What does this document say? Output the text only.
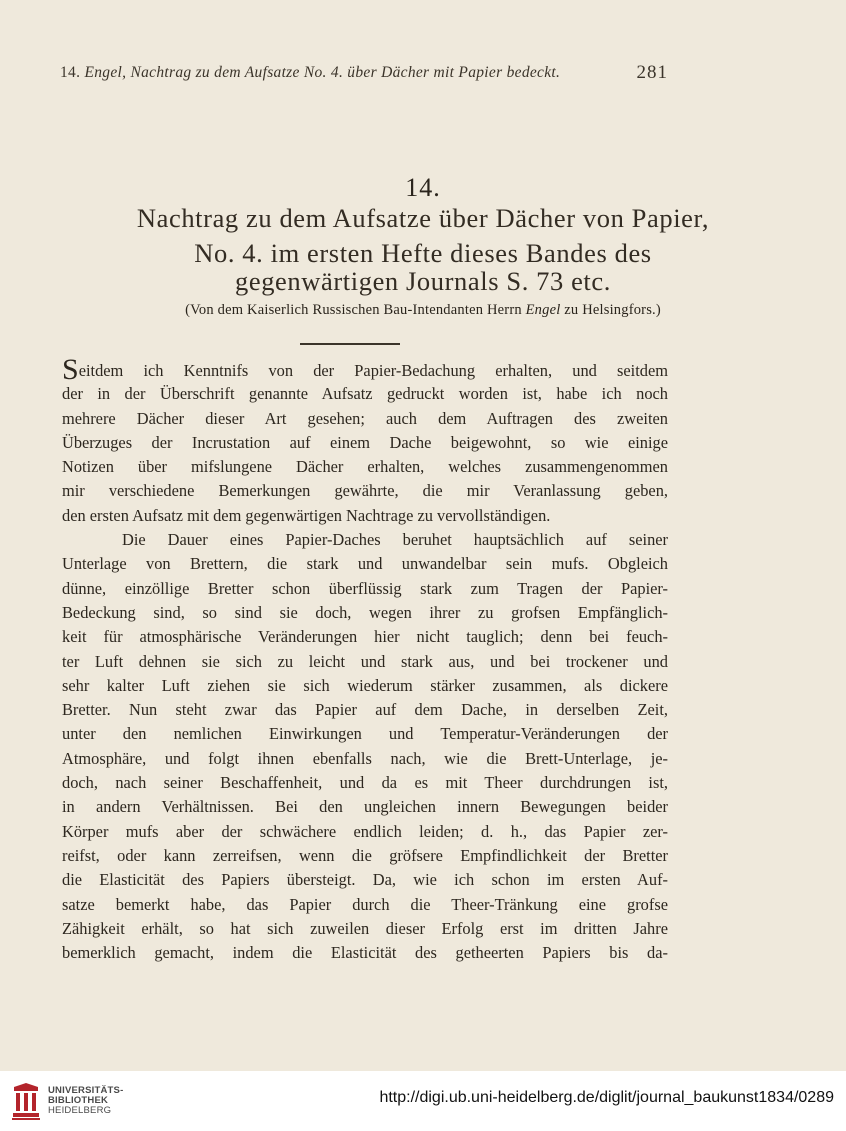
14. Engel, Nachtrag zu dem Aufsatze No. 4. über Dächer mit Papier bedeckt.	281
14.
Nachtrag zu dem Aufsatze über Dächer von Papier,
No. 4. im ersten Hefte dieses Bandes des
gegenwärtigen Journals S. 73 etc.
(Von dem Kaiserlich Russischen Bau-Intendanten Herrn Engel zu Helsingfors.)
Seitdem ich Kenntnifs von der Papier-Bedachung erhalten, und seitdem
der in der Überschrift genannte Aufsatz gedruckt worden ist, habe ich noch
mehrere Dächer dieser Art gesehen; auch dem Auftragen des zweiten
Überzuges der Incrustation auf einem Dache beigewohnt, so wie einige
Notizen über mifslungene Dächer erhalten, welches zusammengenommen
mir verschiedene Bemerkungen gewährte, die mir Veranlassung geben,
den ersten Aufsatz mit dem gegenwärtigen Nachtrage zu vervollständigen.
Die Dauer eines Papier-Daches beruhet hauptsächlich auf seiner
Unterlage von Brettern, die stark und unwandelbar sein mufs. Obgleich
dünne, einzöllige Bretter schon überflüssig stark zum Tragen der Papier-
Bedeckung sind, so sind sie doch, wegen ihrer zu grofsen Empfänglich-
keit für atmosphärische Veränderungen hier nicht tauglich; denn bei feuch-
ter Luft dehnen sie sich zu leicht und stark aus, und bei trockener und
sehr kalter Luft ziehen sie sich wiederum stärker zusammen, als dickere
Bretter. Nun steht zwar das Papier auf dem Dache, in derselben Zeit,
unter den nemlichen Einwirkungen und Temperatur-Veränderungen der
Atmosphäre, und folgt ihnen ebenfalls nach, wie die Brett-Unterlage, je-
doch, nach seiner Beschaffenheit, und da es mit Theer durchdrungen ist,
in andern Verhältnissen. Bei den ungleichen innern Bewegungen beider
Körper mufs aber der schwächere endlich leiden; d. h., das Papier zer-
reifst, oder kann zerreifsen, wenn die gröfsere Empfindlichkeit der Bretter
die Elasticität des Papiers übersteigt. Da, wie ich schon im ersten Auf-
satze bemerkt habe, das Papier durch die Theer-Tränkung eine grofse
Zähigkeit erhält, so hat sich zuweilen dieser Erfolg erst im dritten Jahre
bemerklich gemacht, indem die Elasticität des getheerten Papiers bis da-
UNIVERSITÄTS-
BIBLIOTHEK
HEIDELBERG
http://digi.ub.uni-heidelberg.de/diglit/journal_baukunst1834/0289
